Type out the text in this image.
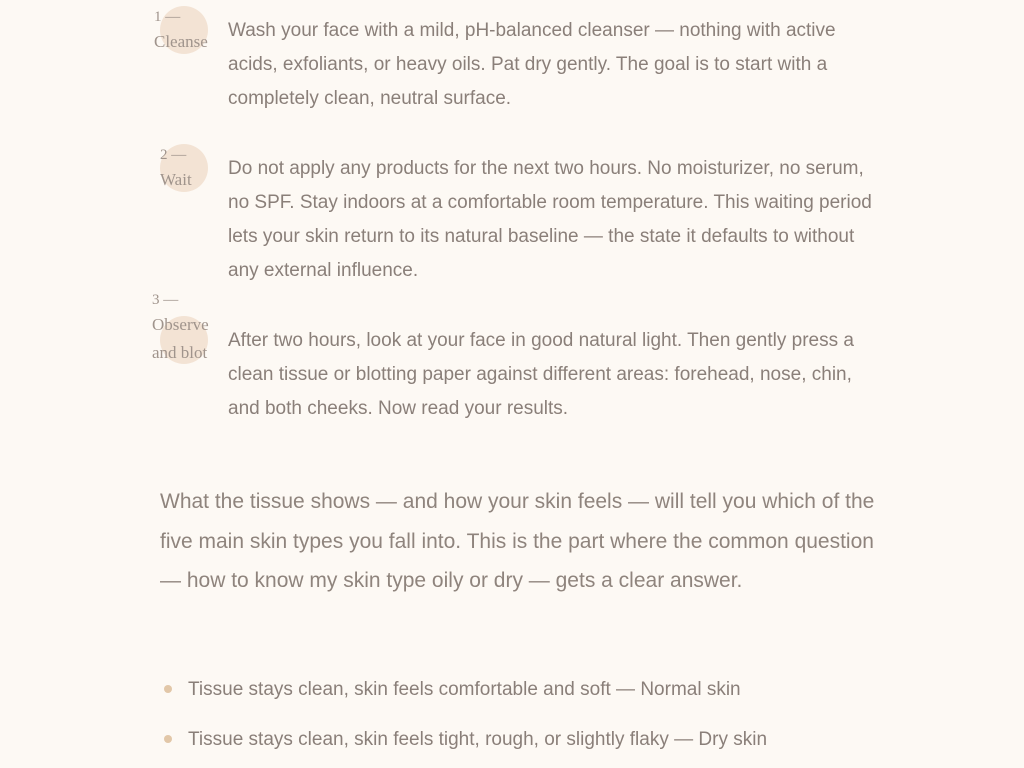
1 —
Cleanse

Wash your face with a mild, pH-balanced cleanser — nothing with active acids, exfoliants, or heavy oils. Pat dry gently. The goal is to start with a completely clean, neutral surface.

2 —
Wait

Do not apply any products for the next two hours. No moisturizer, no serum, no SPF. Stay indoors at a comfortable room temperature. This waiting period lets your skin return to its natural baseline — the state it defaults to without any external influence.

3 —
Observe and blot

After two hours, look at your face in good natural light. Then gently press a clean tissue or blotting paper against different areas: forehead, nose, chin, and both cheeks. Now read your results.

What the tissue shows — and how your skin feels — will tell you which of the five main skin types you fall into. This is the part where the common question — how to know my skin type oily or dry — gets a clear answer.

Tissue stays clean, skin feels comfortable and soft — Normal skin
Tissue stays clean, skin feels tight, rough, or slightly flaky — Dry skin
